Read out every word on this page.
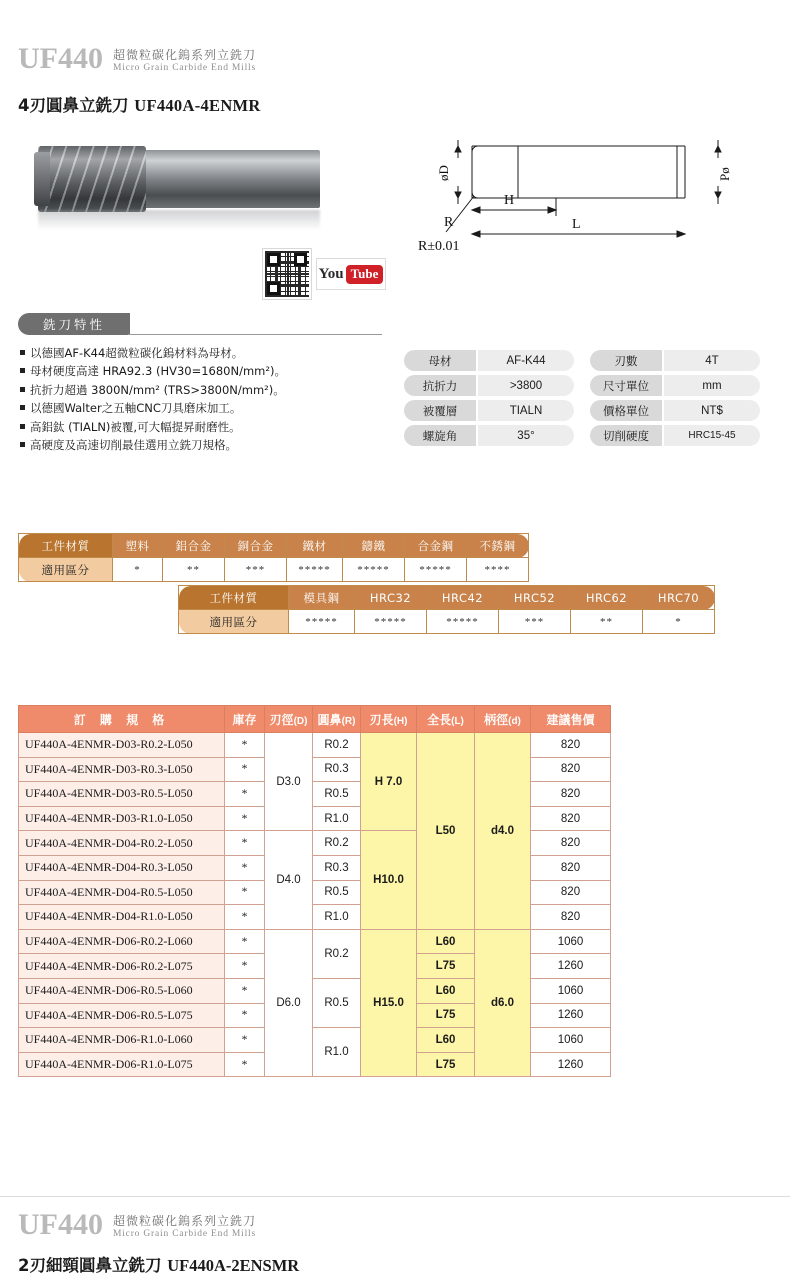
UF440 超微粒碳化鎢系列立銑刀
Micro Grain Carbide End Mills
4刃圓鼻立銑刀 UF440A-4ENMR
You Tube
øD	Pø
H
L
R
R±0.01
銑刀特性
以德國AF-K44超微粒碳化鎢材料為母材。
母材硬度高達 HRA92.3 (HV30=1680N/mm²)。
抗折力超過 3800N/mm² (TRS>3800N/mm²)。
以德國Walter之五軸CNC刀具磨床加工。
高鋁鈦 (TIALN)被覆,可大幅提昇耐磨性。
高硬度及高速切削最佳選用立銑刀規格。
母材	AF-K44	刃數	4T
抗折力	>3800	尺寸單位	mm
被覆層	TIALN	價格單位	NT$
螺旋角	35°	切削硬度	HRC15-45
工件材質	塑料	鋁合金	銅合金	鐵材	鑄鐵	合金鋼	不銹鋼
適用區分	*	**	***	*****	*****	*****	****
工件材質	模具鋼	HRC32	HRC42	HRC52	HRC62	HRC70
適用區分	*****	*****	*****	***	**	*
訂 購 規 格	庫存	刃徑(D)	圓鼻(R)	刃長(H)	全長(L)	柄徑(d)	建議售價
UF440A-4ENMR-D03-R0.2-L050	*	D3.0	R0.2	H 7.0	L50	d4.0	820
UF440A-4ENMR-D03-R0.3-L050	*		R0.3				820
UF440A-4ENMR-D03-R0.5-L050	*		R0.5				820
UF440A-4ENMR-D03-R1.0-L050	*		R1.0				820
UF440A-4ENMR-D04-R0.2-L050	*	D4.0	R0.2	H10.0			820
UF440A-4ENMR-D04-R0.3-L050	*		R0.3				820
UF440A-4ENMR-D04-R0.5-L050	*		R0.5				820
UF440A-4ENMR-D04-R1.0-L050	*		R1.0				820
UF440A-4ENMR-D06-R0.2-L060	*	D6.0	R0.2	H15.0	L60	d6.0	1060
UF440A-4ENMR-D06-R0.2-L075	*				L75		1260
UF440A-4ENMR-D06-R0.5-L060	*		R0.5		L60		1060
UF440A-4ENMR-D06-R0.5-L075	*				L75		1260
UF440A-4ENMR-D06-R1.0-L060	*		R1.0		L60		1060
UF440A-4ENMR-D06-R1.0-L075	*				L75		1260
UF440 超微粒碳化鎢系列立銑刀
Micro Grain Carbide End Mills
2刃細頸圓鼻立銑刀 UF440A-2ENSMR
